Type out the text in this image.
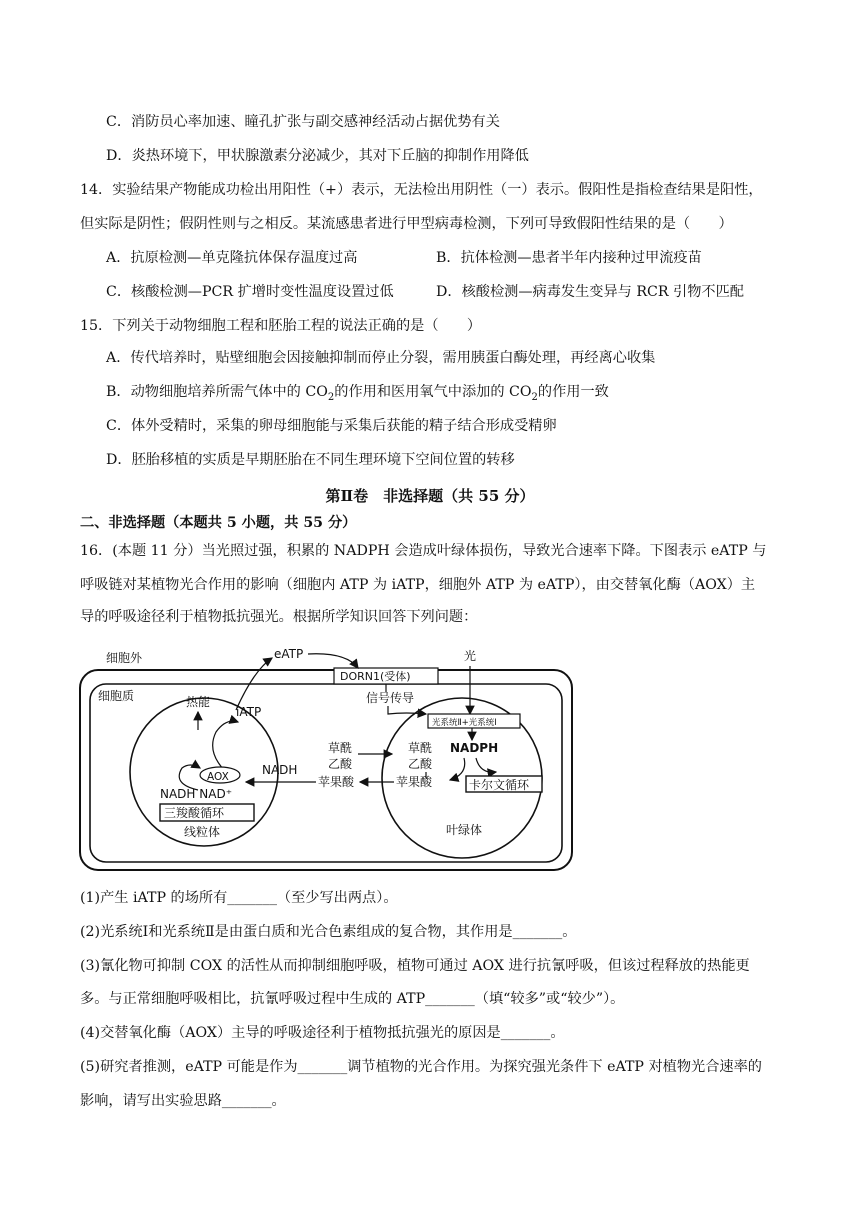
C．消防员心率加速、瞳孔扩张与副交感神经活动占据优势有关
D．炎热环境下，甲状腺激素分泌减少，其对下丘脑的抑制作用降低
14．实验结果产物能成功检出用阳性（+）表示，无法检出用阴性（一）表示。假阳性是指检查结果是阳性，
但实际是阴性；假阴性则与之相反。某流感患者进行甲型病毒检测，下列可导致假阳性结果的是（　　）
A．抗原检测—单克隆抗体保存温度过高	B．抗体检测—患者半年内接种过甲流疫苗
C．核酸检测—PCR 扩增时变性温度设置过低	D．核酸检测—病毒发生变异与 RCR 引物不匹配
15．下列关于动物细胞工程和胚胎工程的说法正确的是（　　）
A．传代培养时，贴壁细胞会因接触抑制而停止分裂，需用胰蛋白酶处理，再经离心收集
B．动物细胞培养所需气体中的 $CO_2$的作用和医用氧气中添加的 $CO_2$的作用一致
C．体外受精时，采集的卵母细胞能与采集后获能的精子结合形成受精卵
D．胚胎移植的实质是早期胚胎在不同生理环境下空间位置的转移
第Ⅱ卷　非选择题（共 55 分）
二、非选择题（本题共 5 小题，共 55 分）
16．(本题 11 分）当光照过强，积累的 NADPH 会造成叶绿体损伤，导致光合速率下降。下图表示 eATP 与
呼吸链对某植物光合作用的影响（细胞内 ATP 为 iATP，细胞外 ATP 为 eATP），由交替氧化酶（AOX）主
导的呼吸途径利于植物抵抗强光。根据所学知识回答下列问题：
细胞外
细胞质
eATP
DORN1(受体)
光
信号传导
光系统Ⅱ+光系统Ⅰ
NADPH
草酰
乙酸
苹果酸	卡尔文循环
叶绿体
草酰
乙酸
苹果酸
NADH
热能
iATP
AOX
NADH NAD⁺
三羧酸循环
线粒体
(1)产生 iATP 的场所有_______（至少写出两点）。
(2)光系统Ⅰ和光系统Ⅱ是由蛋白质和光合色素组成的复合物，其作用是_______。
(3)氰化物可抑制 COX 的活性从而抑制细胞呼吸，植物可通过 AOX 进行抗氰呼吸，但该过程释放的热能更
多。与正常细胞呼吸相比，抗氰呼吸过程中生成的 ATP_______（填“较多”或“较少”）。
(4)交替氧化酶（AOX）主导的呼吸途径利于植物抵抗强光的原因是_______。
(5)研究者推测，eATP 可能是作为_______调节植物的光合作用。为探究强光条件下 eATP 对植物光合速率的
影响，请写出实验思路_______。
